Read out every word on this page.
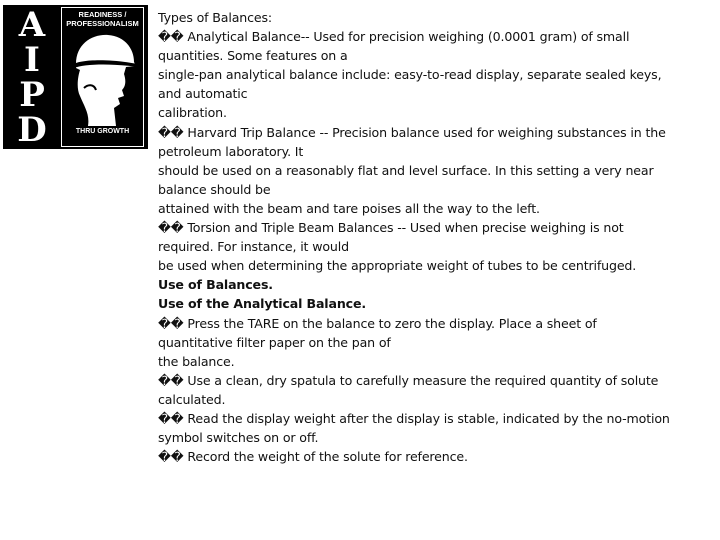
A
I
P
D
READINESS / PROFESSIONALISM
THRU GROWTH
Types of Balances:
�� Analytical Balance-- Used for precision weighing (0.0001 gram) of small
quantities. Some features on a
single-pan analytical balance include: easy-to-read display, separate sealed keys,
and automatic
calibration.
�� Harvard Trip Balance -- Precision balance used for weighing substances in the
petroleum laboratory. It
should be used on a reasonably flat and level surface. In this setting a very near
balance should be
attained with the beam and tare poises all the way to the left.
�� Torsion and Triple Beam Balances -- Used when precise weighing is not
required. For instance, it would
be used when determining the appropriate weight of tubes to be centrifuged.
Use of Balances.
Use of the Analytical Balance.
�� Press the TARE on the balance to zero the display. Place a sheet of
quantitative filter paper on the pan of
the balance.
�� Use a clean, dry spatula to carefully measure the required quantity of solute
calculated.
�� Read the display weight after the display is stable, indicated by the no-motion
symbol switches on or off.
�� Record the weight of the solute for reference.
